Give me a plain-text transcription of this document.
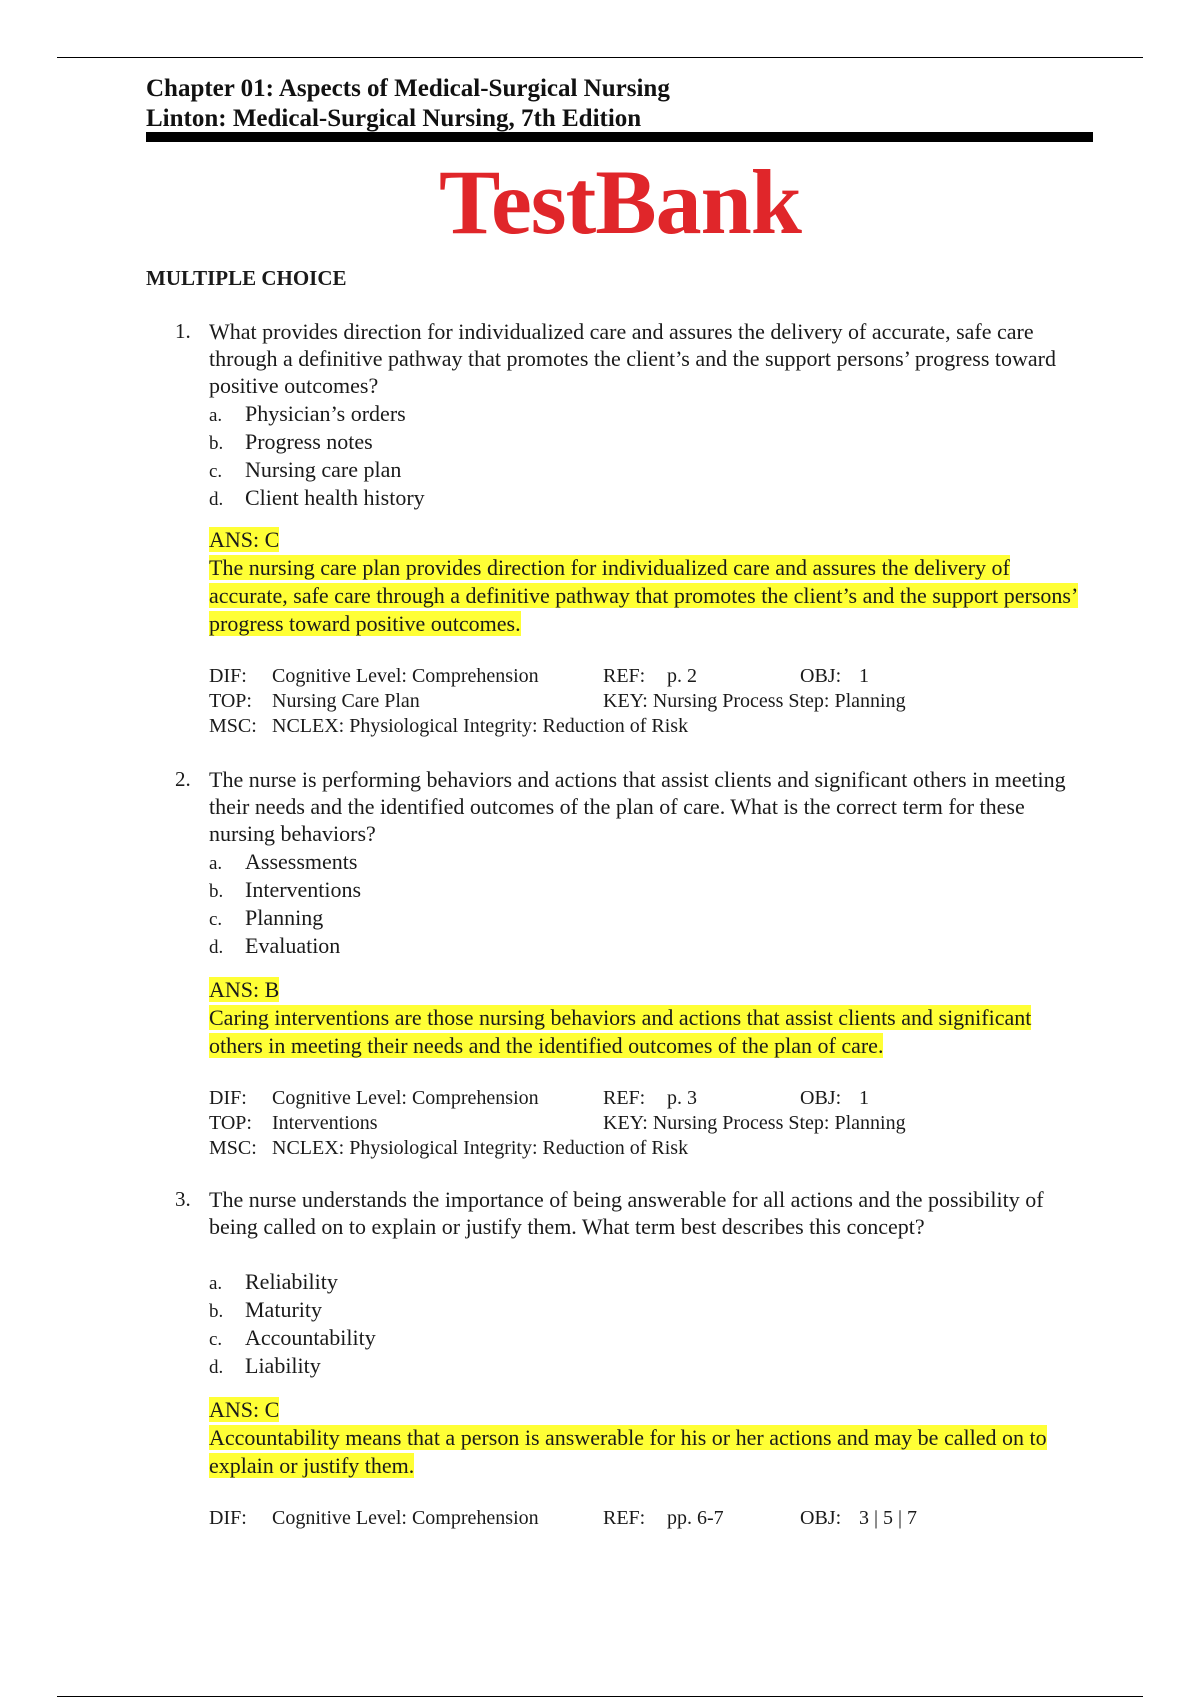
Chapter 01: Aspects of Medical-Surgical Nursing
Linton: Medical-Surgical Nursing, 7th Edition
TestBank
MULTIPLE CHOICE
1. What provides direction for individualized care and assures the delivery of accurate, safe care through a definitive pathway that promotes the client’s and the support persons’ progress toward positive outcomes?
a. Physician’s orders
b. Progress notes
c. Nursing care plan
d. Client health history
ANS: C
The nursing care plan provides direction for individualized care and assures the delivery of accurate, safe care through a definitive pathway that promotes the client’s and the support persons’ progress toward positive outcomes.
DIF: Cognitive Level: Comprehension	REF: p. 2	OBJ: 1
TOP: Nursing Care Plan	KEY: Nursing Process Step: Planning
MSC: NCLEX: Physiological Integrity: Reduction of Risk
2. The nurse is performing behaviors and actions that assist clients and significant others in meeting their needs and the identified outcomes of the plan of care. What is the correct term for these nursing behaviors?
a. Assessments
b. Interventions
c. Planning
d. Evaluation
ANS: B
Caring interventions are those nursing behaviors and actions that assist clients and significant others in meeting their needs and the identified outcomes of the plan of care.
DIF: Cognitive Level: Comprehension	REF: p. 3	OBJ: 1
TOP: Interventions	KEY: Nursing Process Step: Planning
MSC: NCLEX: Physiological Integrity: Reduction of Risk
3. The nurse understands the importance of being answerable for all actions and the possibility of being called on to explain or justify them. What term best describes this concept?
a. Reliability
b. Maturity
c. Accountability
d. Liability
ANS: C
Accountability means that a person is answerable for his or her actions and may be called on to explain or justify them.
DIF: Cognitive Level: Comprehension	REF: pp. 6-7	OBJ: 3 | 5 | 7
